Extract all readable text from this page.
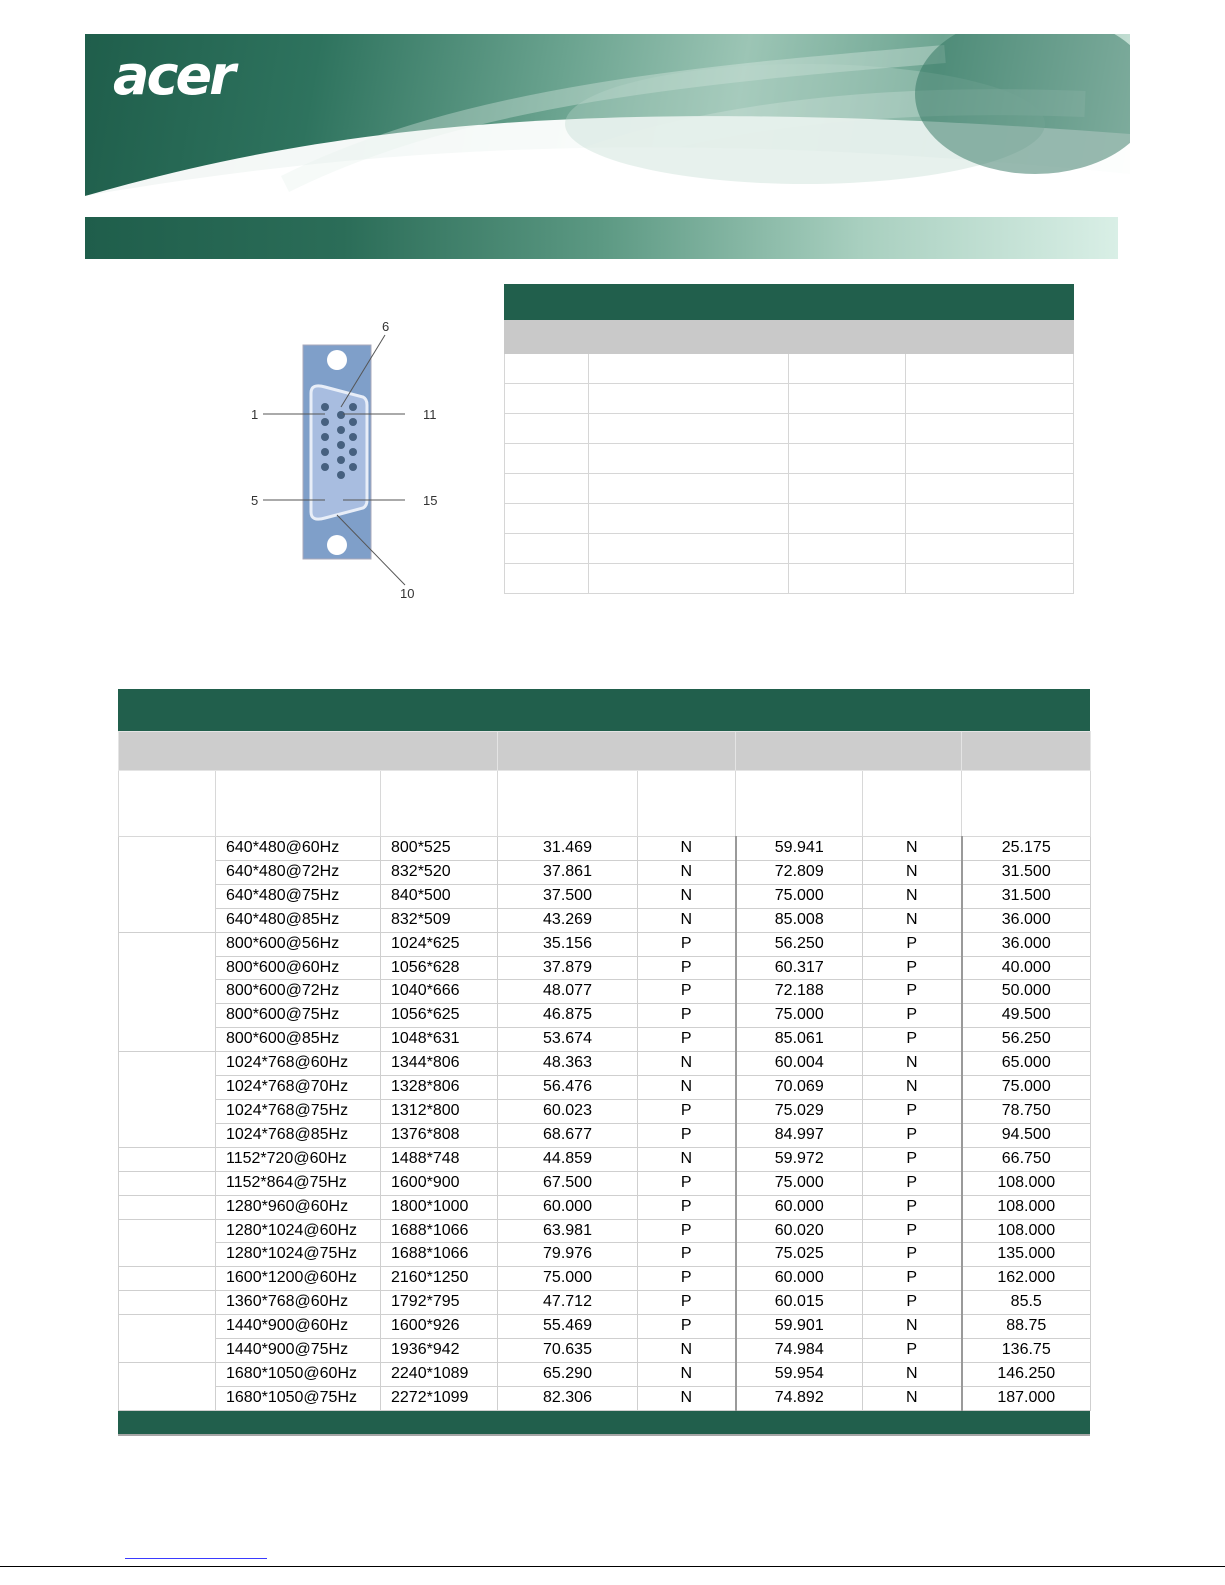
acer
6
1	11
5	15
10

	640*480@60Hz	800*525	31.469	N	59.941	N	25.175
	640*480@72Hz	832*520	37.861	N	72.809	N	31.500
	640*480@75Hz	840*500	37.500	N	75.000	N	31.500
	640*480@85Hz	832*509	43.269	N	85.008	N	36.000
	800*600@56Hz	1024*625	35.156	P	56.250	P	36.000
	800*600@60Hz	1056*628	37.879	P	60.317	P	40.000
	800*600@72Hz	1040*666	48.077	P	72.188	P	50.000
	800*600@75Hz	1056*625	46.875	P	75.000	P	49.500
	800*600@85Hz	1048*631	53.674	P	85.061	P	56.250
	1024*768@60Hz	1344*806	48.363	N	60.004	N	65.000
	1024*768@70Hz	1328*806	56.476	N	70.069	N	75.000
	1024*768@75Hz	1312*800	60.023	P	75.029	P	78.750
	1024*768@85Hz	1376*808	68.677	P	84.997	P	94.500
	1152*720@60Hz	1488*748	44.859	N	59.972	P	66.750
	1152*864@75Hz	1600*900	67.500	P	75.000	P	108.000
	1280*960@60Hz	1800*1000	60.000	P	60.000	P	108.000
	1280*1024@60Hz	1688*1066	63.981	P	60.020	P	108.000
	1280*1024@75Hz	1688*1066	79.976	P	75.025	P	135.000
	1600*1200@60Hz	2160*1250	75.000	P	60.000	P	162.000
	1360*768@60Hz	1792*795	47.712	P	60.015	P	85.5
	1440*900@60Hz	1600*926	55.469	P	59.901	N	88.75
	1440*900@75Hz	1936*942	70.635	N	74.984	P	136.75
	1680*1050@60Hz	2240*1089	65.290	N	59.954	N	146.250
	1680*1050@75Hz	2272*1099	82.306	N	74.892	N	187.000
